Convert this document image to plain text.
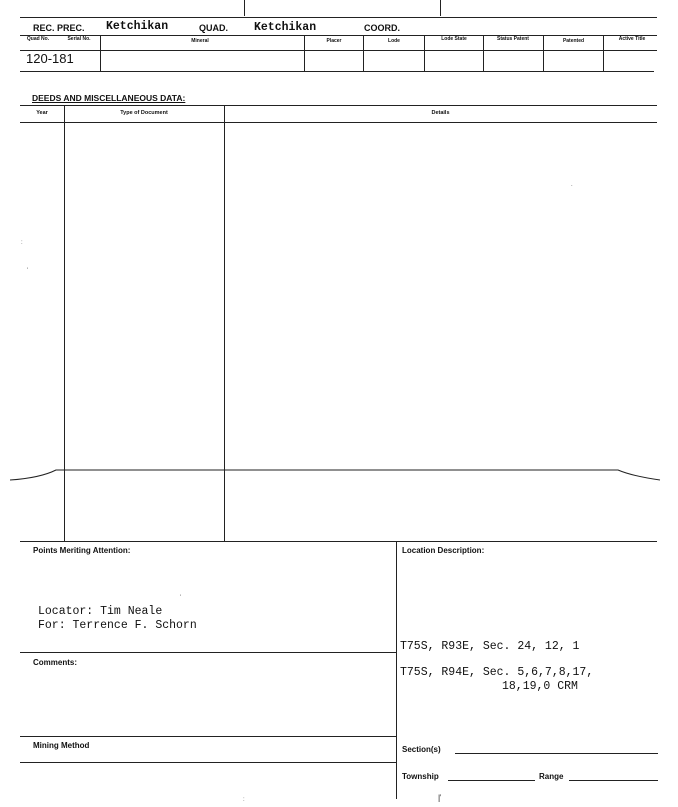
REC. PREC. Ketchikan	QUAD. Ketchikan	COORD.
Quad No.	Serial No.	Mineral	Placer	Lode	Lode State	Status Patent	Patented	Active Title
120-181
DEEDS AND MISCELLANEOUS DATA:
Year	Type of Document	Details
Points Meriting Attention:
Locator: Tim Neale
For: Terrence F. Schorn
Location Description:
T75S, R93E, Sec. 24, 12, 1
T75S, R94E, Sec. 5,6,7,8,17,
18,19,0 CRM
Comments:
Mining Method	Section(s)
Township	Range
:
'
.
'
:	ľ
